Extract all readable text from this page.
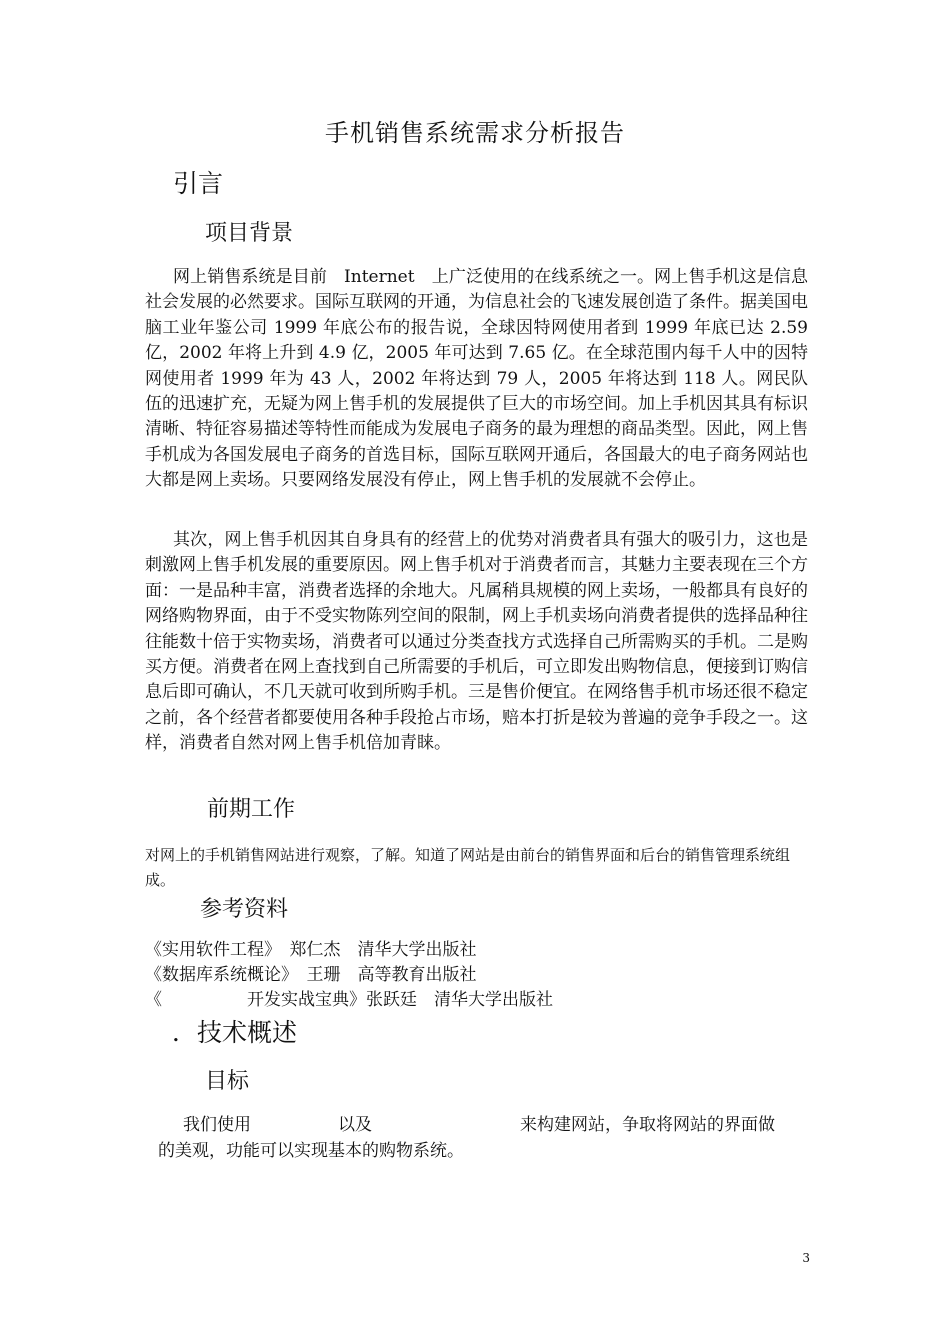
手机销售系统需求分析报告
引言
项目背景

网上销售系统是目前　Internet　上广泛使用的在线系统之一。网上售手机这是信息社会发展的必然要求。国际互联网的开通，为信息社会的飞速发展创造了条件。据美国电脑工业年鉴公司 1999 年底公布的报告说，全球因特网使用者到 1999 年底已达 2.59 亿，2002 年将上升到 4.9 亿，2005 年可达到 7.65 亿。在全球范围内每千人中的因特网使用者 1999 年为 43 人，2002 年将达到 79 人，2005 年将达到 118 人。网民队伍的迅速扩充，无疑为网上售手机的发展提供了巨大的市场空间。加上手机因其具有标识清晰、特征容易描述等特性而能成为发展电子商务的最为理想的商品类型。因此，网上售手机成为各国发展电子商务的首选目标，国际互联网开通后，各国最大的电子商务网站也大都是网上卖场。只要网络发展没有停止，网上售手机的发展就不会停止。

其次，网上售手机因其自身具有的经营上的优势对消费者具有强大的吸引力，这也是刺激网上售手机发展的重要原因。网上售手机对于消费者而言，其魅力主要表现在三个方面：一是品种丰富，消费者选择的余地大。凡属稍具规模的网上卖场，一般都具有良好的网络购物界面，由于不受实物陈列空间的限制，网上手机卖场向消费者提供的选择品种往往能数十倍于实物卖场，消费者可以通过分类查找方式选择自己所需购买的手机。二是购买方便。消费者在网上查找到自己所需要的手机后，可立即发出购物信息，便接到订购信息后即可确认，不几天就可收到所购手机。三是售价便宜。在网络售手机市场还很不稳定之前，各个经营者都要使用各种手段抢占市场，赔本打折是较为普遍的竞争手段之一。这样，消费者自然对网上售手机倍加青睐。

前期工作

对网上的手机销售网站进行观察，了解。知道了网站是由前台的销售界面和后台的销售管理系统组成。

参考资料
《实用软件工程》　郑仁杰　清华大学出版社
《数据库系统概论》　王珊　高等教育出版社
《　　　　　开发实战宝典》张跃廷　清华大学出版社
．技术概述
目标
我们使用	以及	来构建网站，争取将网站的界面做
的美观，功能可以实现基本的购物系统。
3
